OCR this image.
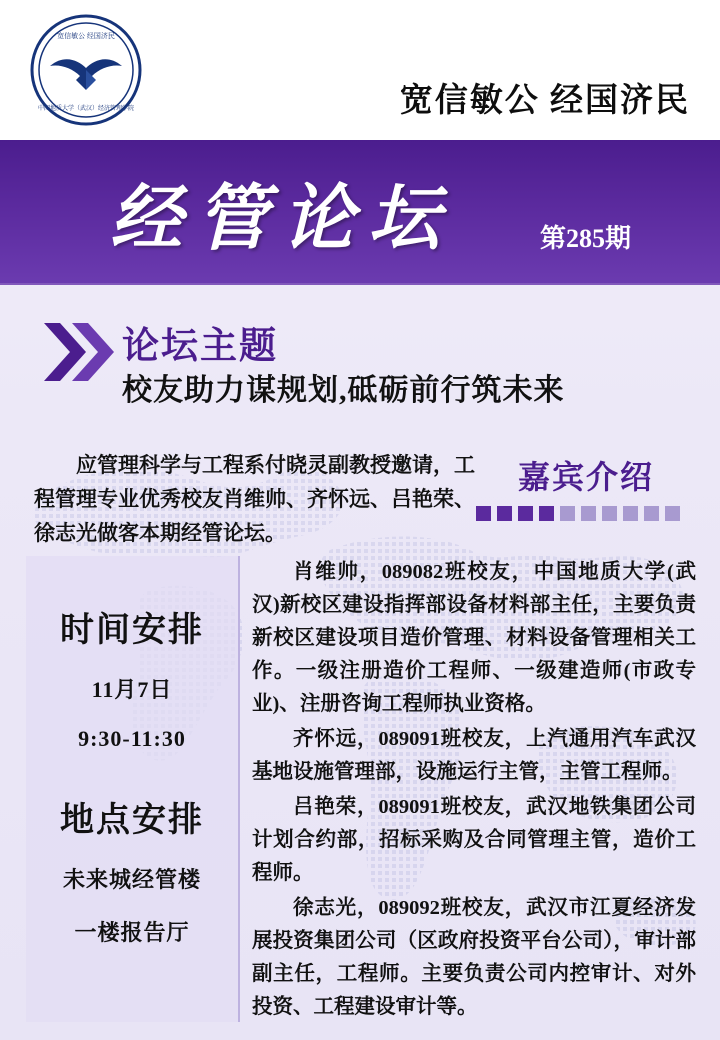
宽信敏公 经国济民
中国地质大学（武汉）经济管理学院	宽信敏公 经国济民
经管论坛	第285期
论坛主题
校友助力谋规划,砥砺前行筑未来
应管理科学与工程系付晓灵副教授邀请，工程管理专业优秀校友肖维帅、齐怀远、吕艳荣、徐志光做客本期经管论坛。
嘉宾介绍
时间安排
11月7日
9:30-11:30
地点安排
未来城经管楼
一楼报告厅

肖维帅，089082班校友，中国地质大学(武汉)新校区建设指挥部设备材料部主任，主要负责新校区建设项目造价管理、材料设备管理相关工作。一级注册造价工程师、一级建造师(市政专业)、注册咨询工程师执业资格。

齐怀远，089091班校友，上汽通用汽车武汉基地设施管理部，设施运行主管，主管工程师。

吕艳荣，089091班校友，武汉地铁集团公司计划合约部，招标采购及合同管理主管，造价工程师。

徐志光，089092班校友，武汉市江夏经济发展投资集团公司（区政府投资平台公司），审计部副主任，工程师。主要负责公司内控审计、对外投资、工程建设审计等。
